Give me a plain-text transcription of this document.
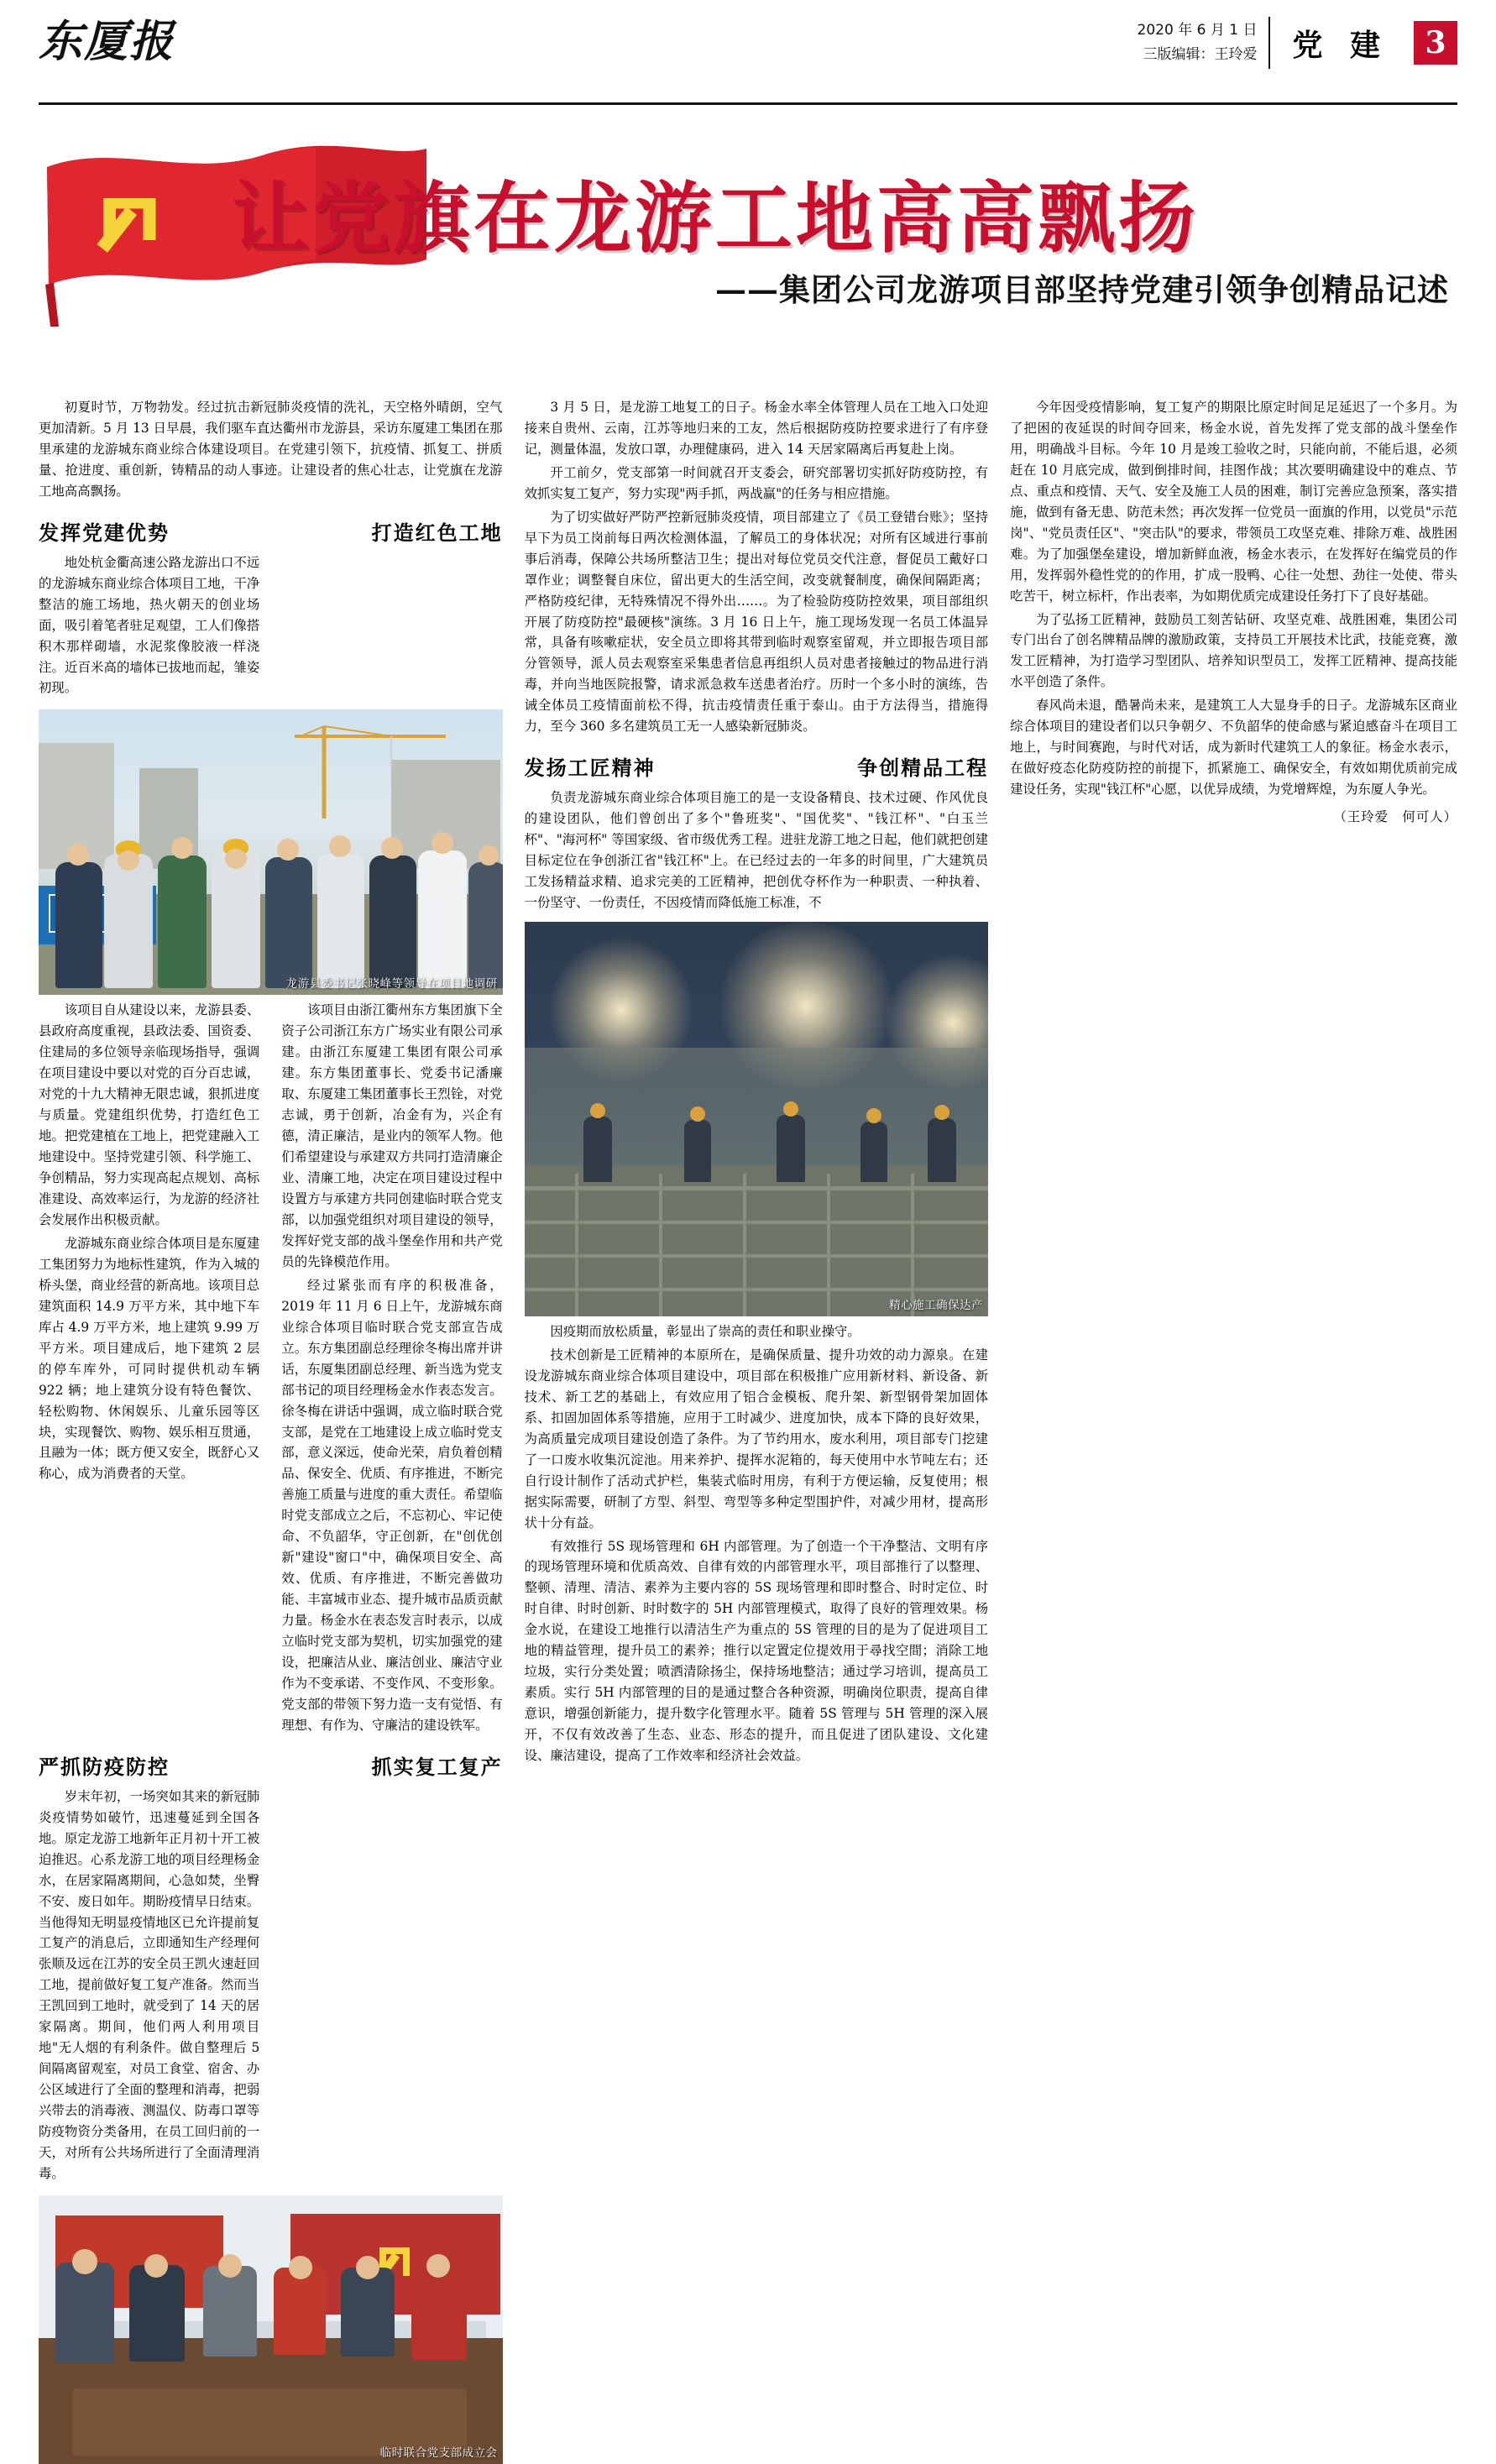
东厦报	2020 年 6 月 1 日
三版编辑：王玲爱 党 建	3
让党旗在龙游工地高高飘扬
——集团公司龙游项目部坚持党建引领争创精品记述

初夏时节，万物勃发。经过抗击新冠肺炎疫情的洗礼，天空格外晴朗，空气更加清新。5 月 13 日早晨，我们驱车直达衢州市龙游县，采访东厦建工集团在那里承建的龙游城东商业综合体建设项目。在党建引领下，抗疫情、抓复工、拼质量、抢进度、重创新，铸精品的动人事迹。让建设者的焦心壮志，让党旗在龙游工地高高飘扬。

发挥党建优势	打造红色工地

地处杭金衢高速公路龙游出口不远的龙游城东商业综合体项目工地，干净整洁的施工场地，热火朝天的创业场面，吸引着笔者驻足观望，工人们像搭积木那样砌墙，水泥浆像胶液一样浇注。近百米高的墙体已拔地而起，雏姿初现。

龙游县委书记张晓峰等领导在项目地调研

该项目自从建设以来，龙游县委、县政府高度重视，县政法委、国资委、住建局的多位领导亲临现场指导，强调在项目建设中要以对党的百分百忠诚，对党的十九大精神无限忠诚，狠抓进度与质量。党建组织优势，打造红色工地。把党建植在工地上，把党建融入工地建设中。坚持党建引领、科学施工、争创精品，努力实现高起点规划、高标准建设、高效率运行，为龙游的经济社会发展作出积极贡献。

龙游城东商业综合体项目是东厦建工集团努力为地标性建筑，作为入城的桥头堡，商业经营的新高地。该项目总建筑面积 14.9 万平方米，其中地下车库占 4.9 万平方米，地上建筑 9.99 万平方米。项目建成后，地下建筑 2 层的停车库外，可同时提供机动车辆 922 辆；地上建筑分设有特色餐饮、轻松购物、休闲娱乐、儿童乐园等区块，实现餐饮、购物、娱乐相互贯通，且融为一体；既方便又安全，既舒心又称心，成为消费者的天堂。

该项目由浙江衢州东方集团旗下全资子公司浙江东方广场实业有限公司承建。由浙江东厦建工集团有限公司承建。东方集团董事长、党委书记潘廉取、东厦建工集团董事长王烈铨，对党志诚，勇于创新，冶金有为，兴企有德，清正廉洁，是业内的领军人物。他们希望建设与承建双方共同打造清廉企业、清廉工地，决定在项目建设过程中设置方与承建方共同创建临时联合党支部，以加强党组织对项目建设的领导，发挥好党支部的战斗堡垒作用和共产党员的先锋模范作用。

经过紧张而有序的积极准备，2019 年 11 月 6 日上午，龙游城东商业综合体项目临时联合党支部宣告成立。东方集团副总经理徐冬梅出席并讲话，东厦集团副总经理、新当选为党支部书记的项目经理杨金水作表态发言。徐冬梅在讲话中强调，成立临时联合党支部，是党在工地建设上成立临时党支部，意义深远，使命光荣，肩负着创精品、保安全、优质、有序推进，不断完善施工质量与进度的重大责任。希望临时党支部成立之后，不忘初心、牢记使命、不负韶华，守正创新，在"创优创新"建设"窗口"中，确保项目安全、高效、优质、有序推进，不断完善做功能、丰富城市业态、提升城市品质贡献力量。杨金水在表态发言时表示，以成立临时党支部为契机，切实加强党的建设，把廉洁从业、廉洁创业、廉洁守业作为不变承诺、不变作风、不变形象。党支部的带领下努力造一支有觉悟、有理想、有作为、守廉洁的建设铁军。

严抓防疫防控	抓实复工复产

岁末年初，一场突如其来的新冠肺炎疫情势如破竹，迅速蔓延到全国各地。原定龙游工地新年正月初十开工被迫推迟。心系龙游工地的项目经理杨金水，在居家隔离期间，心急如焚，坐臀不安、废日如年。期盼疫情早日结束。当他得知无明显疫情地区已允许提前复工复产的消息后，立即通知生产经理何张顺及远在江苏的安全员王凯火速赶回工地，提前做好复工复产准备。然而当王凯回到工地时，就受到了 14 天的居家隔离。期间，他们两人利用项目地"无人烟的有利条件。做自整理后 5 间隔离留观室，对员工食堂、宿舍、办公区域进行了全面的整理和消毒，把弱兴带去的消毒液、测温仪、防毒口罩等防疫物资分类备用，在员工回归前的一天，对所有公共场所进行了全面清理消毒。

临时联合党支部成立会

3 月 5 日，是龙游工地复工的日子。杨金水率全体管理人员在工地入口处迎接来自贵州、云南，江苏等地归来的工友，然后根据防疫防控要求进行了有序登记，测量体温，发放口罩，办理健康码，进入 14 天居家隔离后再复赴上岗。

开工前夕，党支部第一时间就召开支委会，研究部署切实抓好防疫防控，有效抓实复工复产，努力实现"两手抓，两战赢"的任务与相应措施。

为了切实做好严防严控新冠肺炎疫情，项目部建立了《员工登错台账》；坚持早下为员工岗前每日两次检测体温，了解员工的身体状况；对所有区域进行事前事后消毒，保障公共场所整洁卫生；提出对每位党员交代注意，督促员工戴好口罩作业；调整餐自床位，留出更大的生活空间，改变就餐制度，确保间隔距离；严格防疫纪律，无特殊情况不得外出……。为了检验防疫防控效果，项目部组织开展了防疫防控"最硬核"演练。3 月 16 日上午，施工现场发现一名员工体温异常，具备有咳嗽症状，安全员立即将其带到临时观察室留观，并立即报告项目部分管领导，派人员去观察室采集患者信息再组织人员对患者接触过的物品进行消毒，并向当地医院报警，请求派急救车送患者治疗。历时一个多小时的演练，告诫全体员工疫情面前松不得，抗击疫情责任重于泰山。由于方法得当，措施得力，至今 360 多名建筑员工无一人感染新冠肺炎。

发扬工匠精神	争创精品工程

负责龙游城东商业综合体项目施工的是一支设备精良、技术过硬、作风优良的建设团队，他们曾创出了多个"鲁班奖"、"国优奖"、"钱江杯"、"白玉兰杯"、"海河杯" 等国家级、省市级优秀工程。进驻龙游工地之日起，他们就把创建目标定位在争创浙江省"钱江杯"上。在已经过去的一年多的时间里，广大建筑员工发扬精益求精、追求完美的工匠精神，把创优夺杯作为一种职责、一种执着、一份坚守、一份责任，不因疫情而降低施工标准，不

精心施工确保达产

因疫期而放松质量，彰显出了崇高的责任和职业操守。

技术创新是工匠精神的本原所在，是确保质量、提升功效的动力源泉。在建设龙游城东商业综合体项目建设中，项目部在积极推广应用新材料、新设备、新技术、新工艺的基础上，有效应用了铝合金模板、爬升架、新型钢骨架加固体系、扣固加固体系等措施，应用于工时减少、进度加快，成本下降的良好效果，为高质量完成项目建设创造了条件。为了节约用水，废水利用，项目部专门挖建了一口废水收集沉淀池。用来养护、提挥水泥箱的，每天使用中水节吨左右；还自行设计制作了活动式护栏，集装式临时用房，有利于方便运输，反复使用；根据实际需要，研制了方型、斜型、弯型等多种定型围护件，对减少用材，提高形状十分有益。

有效推行 5S 现场管理和 6H 内部管理。为了创造一个干净整洁、文明有序的现场管理环境和优质高效、自律有效的内部管理水平，项目部推行了以整理、整顿、清理、清洁、素养为主要内容的 5S 现场管理和即时整合、时时定位、时时自律、时时创新、时时数字的 5H 内部管理模式，取得了良好的管理效果。杨金水说，在建设工地推行以清洁生产为重点的 5S 管理的目的是为了促进项目工地的精益管理，提升员工的素养；推行以定置定位提效用于尋找空間；消除工地垃圾，实行分类处置；喷洒清除扬尘，保持场地整洁；通过学习培训，提高员工素质。实行 5H 内部管理的目的是通过整合各种资源，明确岗位职责，提高自律意识，增强创新能力，提升数字化管理水平。随着 5S 管理与 5H 管理的深入展开，不仅有效改善了生态、业态、形态的提升，而且促进了团队建设、文化建设、廉洁建设，提高了工作效率和经济社会效益。

今年因受疫情影响，复工复产的期限比原定时间足足延迟了一个多月。为了把困的夜延误的时间夺回来，杨金水说，首先发挥了党支部的战斗堡垒作用，明确战斗目标。今年 10 月是竣工验收之时，只能向前，不能后退，必须赶在 10 月底完成，做到倒排时间，挂图作战；其次要明确建设中的难点、节点、重点和疫情、天气、安全及施工人员的困难，制订完善应急预案，落实措施，做到有备无患、防范未然；再次发挥一位党员一面旗的作用，以党员"示范岗"、"党员责任区"、"突击队"的要求，带领员工攻坚克难、排除万难、战胜困难。为了加强堡垒建设，增加新鲜血液，杨金水表示，在发挥好在编党员的作用，发挥弱外稳性党的的作用，扩成一股鸭、心往一处想、劲往一处使、带头吃苦干，树立标杆，作出表率，为如期优质完成建设任务打下了良好基础。

为了弘扬工匠精神，鼓励员工刻苦钻研、攻坚克难、战胜困难，集团公司专门出台了创名牌精品牌的激励政策，支持员工开展技术比武，技能竞赛，激发工匠精神，为打造学习型团队、培养知识型员工，发挥工匠精神、提高技能水平创造了条件。

春风尚未退，酷暑尚未来，是建筑工人大显身手的日子。龙游城东区商业综合体项目的建设者们以只争朝夕、不负韶华的使命感与紧迫感奋斗在项目工地上，与时间赛跑，与时代对话，成为新时代建筑工人的象征。杨金水表示，在做好疫态化防疫防控的前提下，抓紧施工、确保安全，有效如期优质前完成建设任务，实现"钱江杯"心愿，以优异成绩，为党增辉煌，为东厦人争光。

（王玲爱　何可人）
